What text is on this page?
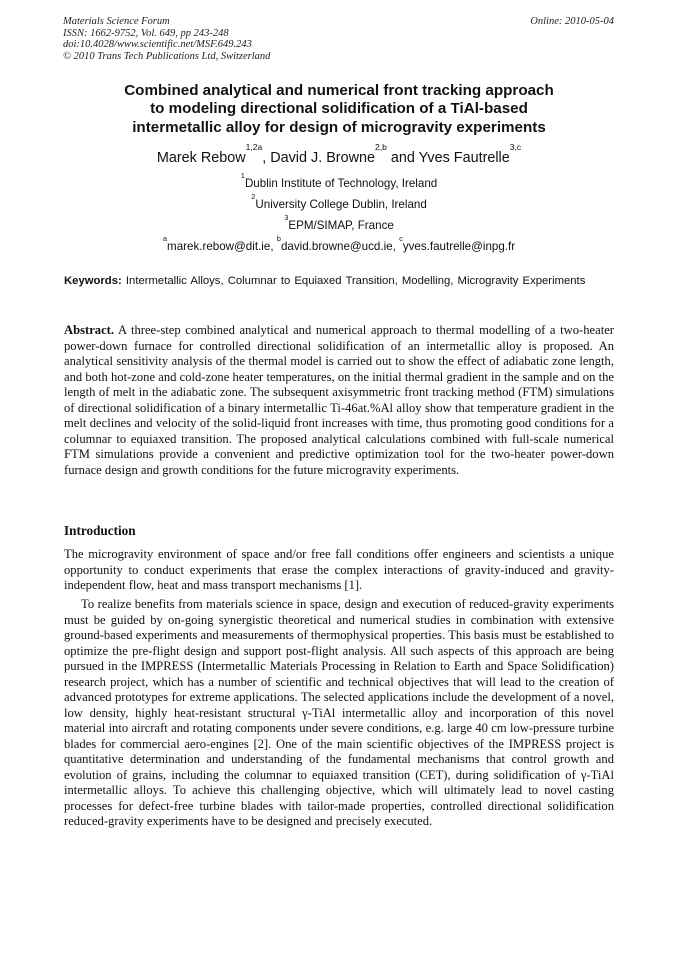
Materials Science Forum
ISSN: 1662-9752, Vol. 649, pp 243-248
doi:10.4028/www.scientific.net/MSF.649.243
© 2010 Trans Tech Publications Ltd, Switzerland
Online: 2010-05-04
Combined analytical and numerical front tracking approach
to modeling directional solidification of a TiAl-based
intermetallic alloy for design of microgravity experiments
Marek Rebow$^{1,2a}$, David J. Browne$^{2,b}$ and Yves Fautrelle$^{3,c}$
$^1$Dublin Institute of Technology, Ireland
$^2$University College Dublin, Ireland
$^3$EPM/SIMAP, France
$^a$marek.rebow@dit.ie, $^b$david.browne@ucd.ie, $^c$yves.fautrelle@inpg.fr
Keywords: Intermetallic Alloys, Columnar to Equiaxed Transition, Modelling, Microgravity Experiments
Abstract. A three-step combined analytical and numerical approach to thermal modelling of a two-heater power-down furnace for controlled directional solidification of an intermetallic alloy is proposed. An analytical sensitivity analysis of the thermal model is carried out to show the effect of adiabatic zone length, and both hot-zone and cold-zone heater temperatures, on the initial thermal gradient in the sample and on the length of melt in the adiabatic zone. The subsequent axisymmetric front tracking method (FTM) simulations of directional solidification of a binary intermetallic Ti-46at.%Al alloy show that temperature gradient in the melt declines and velocity of the solid-liquid front increases with time, thus promoting good conditions for a columnar to equiaxed transition. The proposed analytical calculations combined with full-scale numerical FTM simulations provide a convenient and predictive optimization tool for the two-heater power-down furnace design and growth conditions for the future microgravity experiments.
Introduction
The microgravity environment of space and/or free fall conditions offer engineers and scientists a unique opportunity to conduct experiments that erase the complex interactions of gravity-induced and gravity-independent flow, heat and mass transport mechanisms [1].
To realize benefits from materials science in space, design and execution of reduced-gravity experiments must be guided by on-going synergistic theoretical and numerical studies in combination with extensive ground-based experiments and measurements of thermophysical properties. This basis must be established to optimize the pre-flight design and support post-flight analysis. All such aspects of this approach are being pursued in the IMPRESS (Intermetallic Materials Processing in Relation to Earth and Space Solidification) research project, which has a number of scientific and technical objectives that will lead to the creation of advanced prototypes for extreme applications. The selected applications include the development of a novel, low density, highly heat-resistant structural γ-TiAl intermetallic alloy and incorporation of this novel material into aircraft and rotating components under severe conditions, e.g. large 40 cm low-pressure turbine blades for commercial aero-engines [2]. One of the main scientific objectives of the IMPRESS project is quantitative determination and understanding of the fundamental mechanisms that control growth and evolution of grains, including the columnar to equiaxed transition (CET), during solidification of γ-TiAl intermetallic alloys. To achieve this challenging objective, which will ultimately lead to novel casting processes for defect-free turbine blades with tailor-made properties, controlled directional solidification reduced-gravity experiments have to be designed and precisely executed.
